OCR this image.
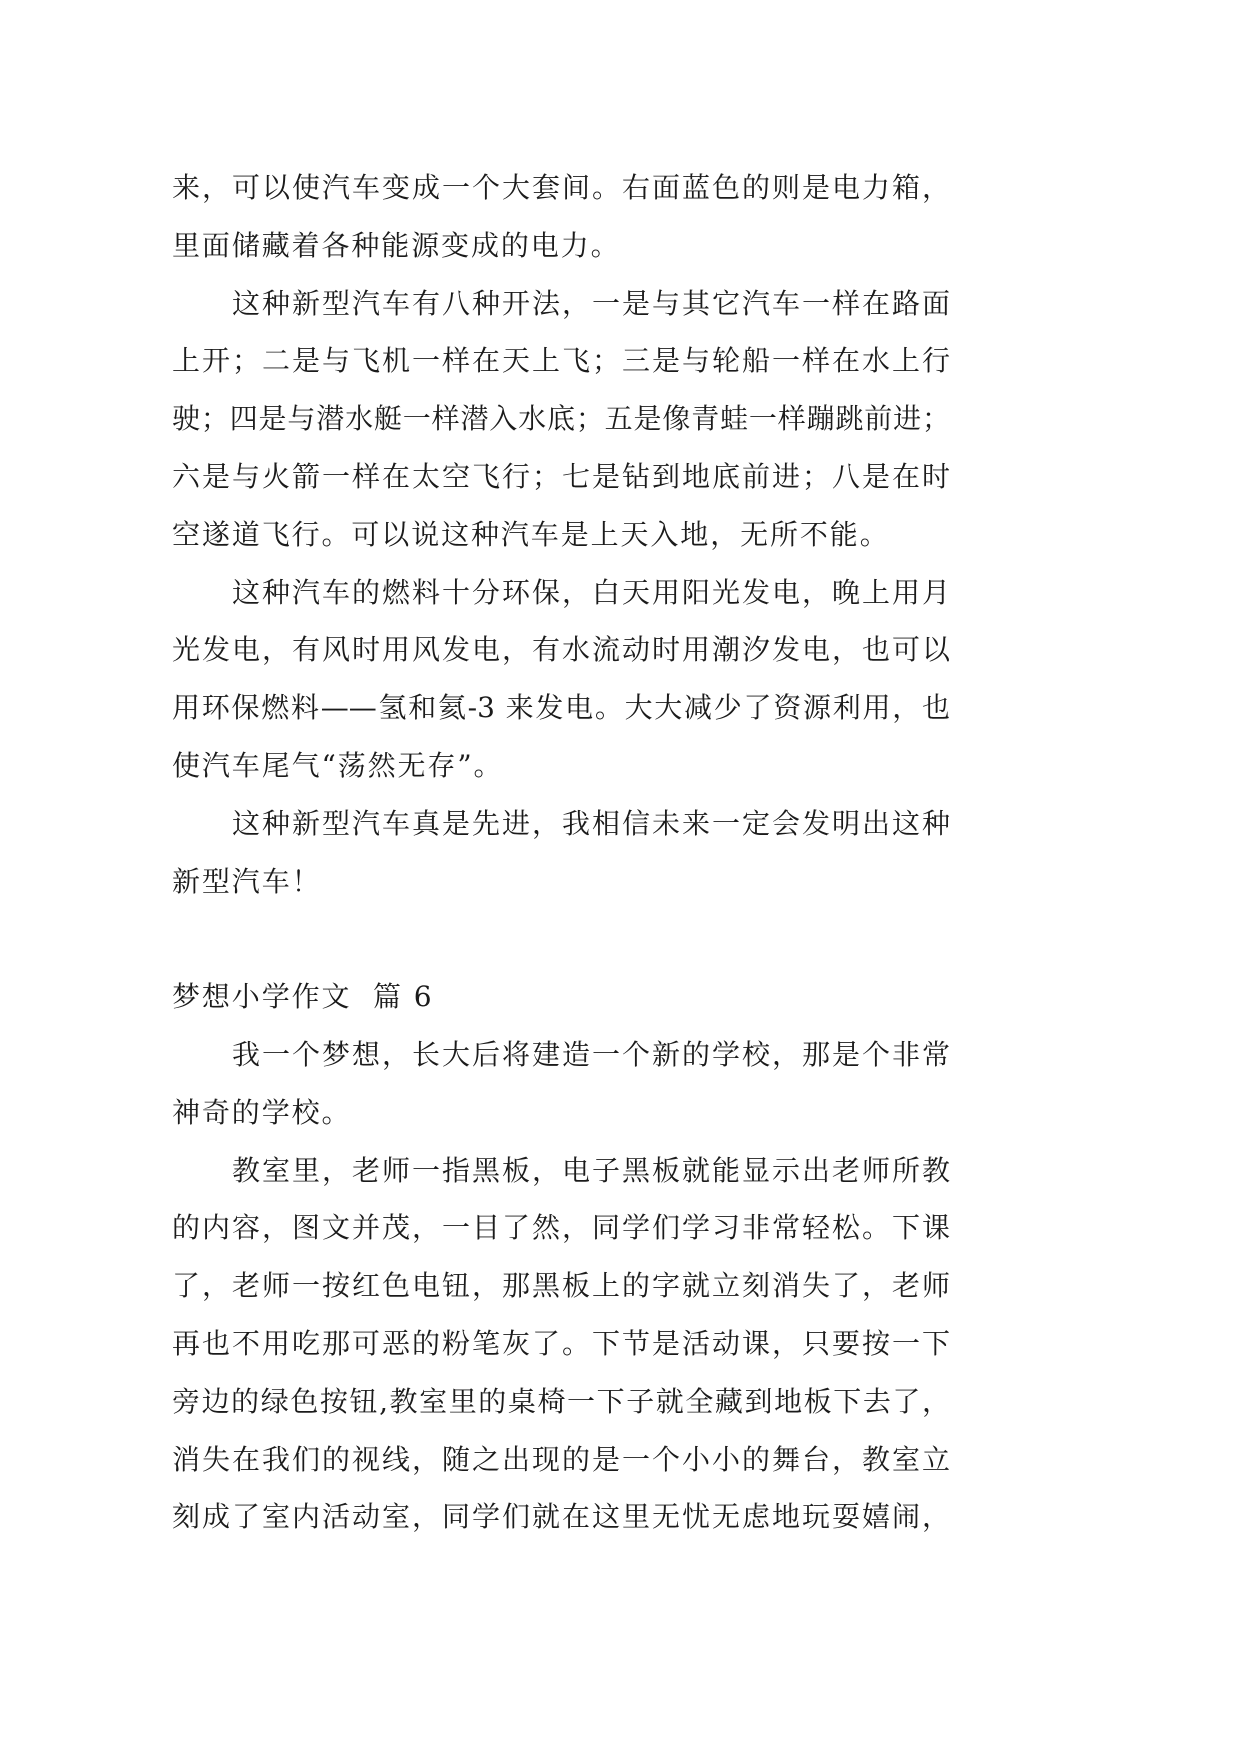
来，可以使汽车变成一个大套间。右面蓝色的则是电力箱，
里面储藏着各种能源变成的电力。
这种新型汽车有八种开法，一是与其它汽车一样在路面
上开；二是与飞机一样在天上飞；三是与轮船一样在水上行
驶；四是与潜水艇一样潜入水底；五是像青蛙一样蹦跳前进；
六是与火箭一样在太空飞行；七是钻到地底前进；八是在时
空遂道飞行。可以说这种汽车是上天入地，无所不能。
这种汽车的燃料十分环保，白天用阳光发电，晚上用月
光发电，有风时用风发电，有水流动时用潮汐发电，也可以
用环保燃料——氢和氦-3 来发电。大大减少了资源利用，也
使汽车尾气“荡然无存”。
这种新型汽车真是先进，我相信未来一定会发明出这种
新型汽车！
梦想小学作文  篇 6
我一个梦想，长大后将建造一个新的学校，那是个非常
神奇的学校。
教室里，老师一指黑板，电子黑板就能显示出老师所教
的内容，图文并茂，一目了然，同学们学习非常轻松。下课
了，老师一按红色电钮，那黑板上的字就立刻消失了，老师
再也不用吃那可恶的粉笔灰了。下节是活动课，只要按一下
旁边的绿色按钮,教室里的桌椅一下子就全藏到地板下去了，
消失在我们的视线，随之出现的是一个小小的舞台，教室立
刻成了室内活动室，同学们就在这里无忧无虑地玩耍嬉闹，
